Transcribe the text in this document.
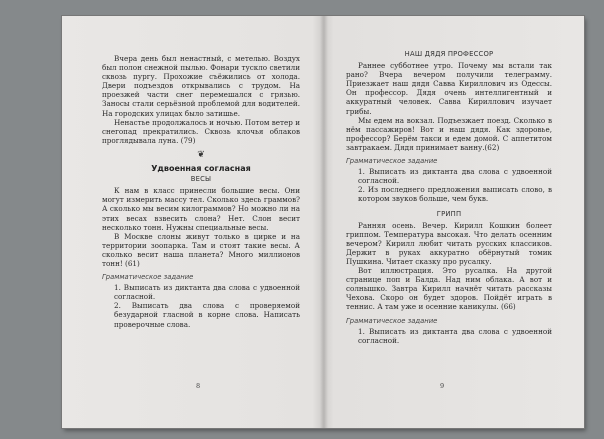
Вчера день был ненастный, с метелью. Воздух был полон снежной пылью. Фонари тускло светили сквозь пургу. Прохожие съёжились от холода. Двери подъездов открывались с трудом. На проезжей части снег перемешался с грязью. Заносы стали серьёзной проблемой для водителей. На городских улицах было затишье.

Ненастье продолжалось и ночью. Потом ветер и снегопад прекратились. Сквозь клочья облаков проглядывала луна. (79)

❦
Удвоенная согласная
ВЕСЫ

К нам в класс принесли большие весы. Они могут измерить массу тел. Сколько здесь граммов? А сколько мы весим килограммов? Но можно ли на этих весах взвесить слона? Нет. Слон весит несколько тонн. Нужны специальные весы.

В Москве слоны живут только в цирке и на территории зоопарка. Там и стоят такие весы. А сколько весит наша планета? Много миллионов тонн! (61)

Грамматическое задание

1. Выписать из диктанта два слова с удвоенной согласной.

2. Выписать два слова с проверяемой безударной гласной в корне слова. Написать проверочные слова.

8
НАШ ДЯДЯ ПРОФЕССОР

Раннее субботнее утро. Почему мы встали так рано? Вчера вечером получили телеграмму. Приезжает наш дядя Савва Кириллович из Одессы. Он профессор. Дядя очень интеллигентный и аккуратный человек. Савва Кириллович изучает грибы.

Мы едем на вокзал. Подъезжает поезд. Сколько в нём пассажиров! Вот и наш дядя. Как здоровье, профессор? Берём такси и едем домой. С аппетитом завтракаем. Дядя принимает ванну.(62)

Грамматическое задание

1. Выписать из диктанта два слова с удвоенной согласной.

2. Из последнего предложения выписать слово, в котором звуков больше, чем букв.

ГРИПП

Ранняя осень. Вечер. Кирилл Кошкин болеет гриппом. Температура высокая. Что делать осенним вечером? Кирилл любит читать русских классиков. Держит в руках аккуратно обёрнутый томик Пушкина. Читает сказку про русалку.

Вот иллюстрация. Это русалка. На другой странице поп и Балда. Над ним облака. А вот и солнышко. Завтра Кирилл начнёт читать рассказы Чехова. Скоро он будет здоров. Пойдёт играть в теннис. А там уже и осенние каникулы. (66)

Грамматическое задание

1. Выписать из диктанта два слова с удвоенной согласной.

9
